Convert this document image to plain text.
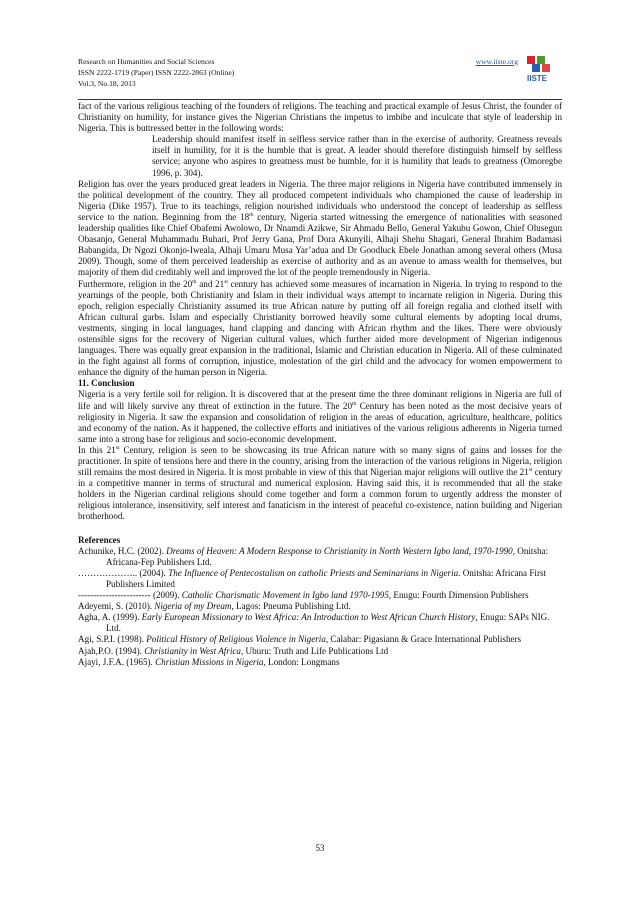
Research on Humanities and Social Sciences
ISSN 2222-1719 (Paper) ISSN 2222-2863 (Online)
Vol.3, No.18, 2013
www.iiste.org
IISTE

fact of the various religious teaching of the founders of religions. The teaching and practical example of Jesus Christ, the founder of Christianity on humility, for instance gives the Nigerian Christians the impetus to imbibe and inculcate that style of leadership in Nigeria. This is buttressed better in the following words:

Leadership should manifest itself in selfless service rather than in the exercise of authority. Greatness reveals itself in humility, for it is the humble that is great. A leader should therefore distinguish himself by selfless service; anyone who aspires to greatness must be humble, for it is humility that leads to greatness (Omoregbe 1996, p. 304).

Religion has over the years produced great leaders in Nigeria. The three major religions in Nigeria have contributed immensely in the political development of the country. They all produced competent individuals who championed the cause of leadership in Nigeria (Dike 1957). True to its teachings, religion nourished individuals who understood the concept of leadership as selfless service to the nation. Beginning from the 18th century, Nigeria started witnessing the emergence of nationalities with seasoned leadership qualities like Chief Obafemi Awolowo, Dr Nnamdi Azikwe, Sir Ahmadu Bello, General Yakubu Gowon, Chief Olusegun Obasanjo, General Muhammadu Buhari, Prof Jerry Gana, Prof Dora Akunyili, Alhaji Shehu Shagari, General Ibrahim Badamasi Babangida, Dr Ngozi Okonjo-Iweala, Alhaji Umaru Musa Yar’adua and Dr Goodluck Ebele Jonathan among several others (Musa 2009). Though, some of them perceived leadership as exercise of authority and as an avenue to amass wealth for themselves, but majority of them did creditably well and improved the lot of the people tremendously in Nigeria.

Furthermore, religion in the 20th and 21st century has achieved some measures of incarnation in Nigeria. In trying to respond to the yearnings of the people, both Christianity and Islam in their individual ways attempt to incarnate religion in Nigeria. During this epoch, religion especially Christianity assumed its true African nature by putting off all foreign regalia and clothed itself with African cultural garbs. Islam and especially Christianity borrowed heavily some cultural elements by adopting local drums, vestments, singing in local languages, hand clapping and dancing with African rhythm and the likes. There were obviously ostensible signs for the recovery of Nigerian cultural values, which further aided more development of Nigerian indigenous languages. There was equally great expansion in the traditional, Islamic and Christian education in Nigeria. All of these culminated in the fight against all forms of corruption, injustice, molestation of the girl child and the advocacy for women empowerment to enhance the dignity of the human person in Nigeria.

11. Conclusion

Nigeria is a very fertile soil for religion. It is discovered that at the present time the three dominant religions in Nigeria are full of life and will likely survive any threat of extinction in the future. The 20th Century has been noted as the most decisive years of religiosity in Nigeria. It saw the expansion and consolidation of religion in the areas of education, agriculture, healthcare, politics and economy of the nation. As it happened, the collective efforts and initiatives of the various religious adherents in Nigeria turned same into a strong base for religious and socio-economic development.

In this 21st Century, religion is seen to be showcasing its true African nature with so many signs of gains and losses for the practitioner. In spite of tensions here and there in the country, arising from the interaction of the various religions in Nigeria, religion still remains the most desired in Nigeria. It is most probable in view of this that Nigerian major religions will outlive the 21st century in a competitive manner in terms of structural and numerical explosion. Having said this, it is recommended that all the stake holders in the Nigerian cardinal religions should come together and form a common forum to urgently address the monster of religious intolerance, insensitivity, self interest and fanaticism in the interest of peaceful co-existence, nation building and Nigerian brotherhood.

References

Achunike, H.C. (2002). Dreams of Heaven: A Modern Response to Christianity in North Western Igbo land, 1970-1990, Onitsha: Africana-Fep Publishers Ltd.

……………….. (2004). The Influence of Pentecostalism on catholic Priests and Seminarians in Nigeria. Onitsha: Africana First Publishers Limited

------------------------ (2009). Catholic Charismatic Movement in Igbo land 1970-1995, Enugu: Fourth Dimension Publishers

Adeyemi, S. (2010). Nigeria of my Dream, Lagos: Pneuma Publishing Ltd.

Agha, A. (1999). Early European Missionary to West Africa: An Introduction to West African Church History, Enugu: SAPs NIG. Ltd.

Agi, S.P.I. (1998). Political History of Religious Violence in Nigeria, Calabar: Pigasiann & Grace International Publishers

Ajah,P.O. (1994). Christianity in West Africa, Uburu: Truth and Life Publications Ltd

Ajayi, J.F.A. (1965). Christian Missions in Nigeria, London: Longmans

53
